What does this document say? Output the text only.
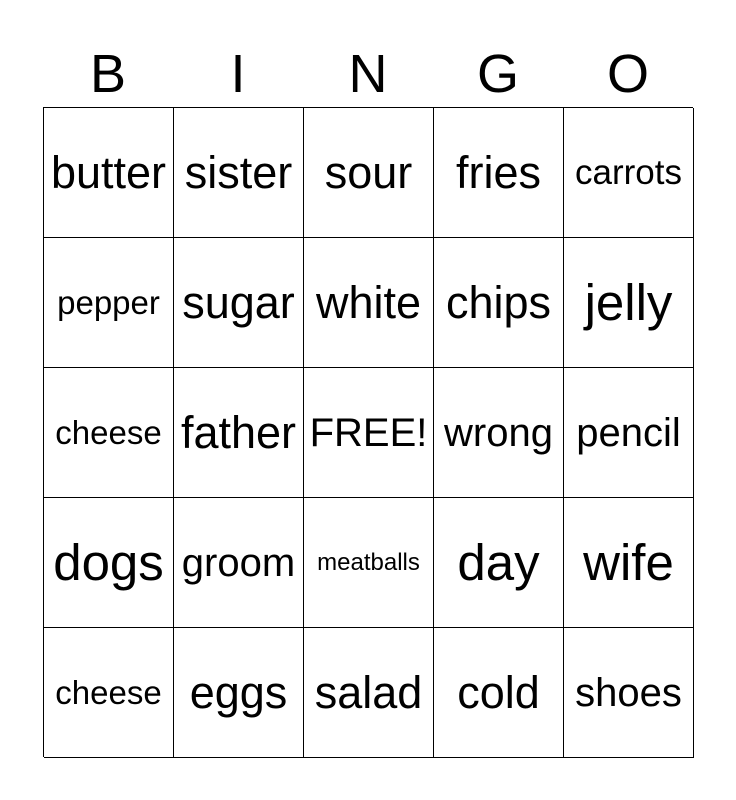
B	I	N	G	O
butter sister sour fries carrots
pepper sugar white chips jelly
cheese father FREE! wrong pencil
dogs groom meatballs day wife
cheese eggs salad cold shoes
